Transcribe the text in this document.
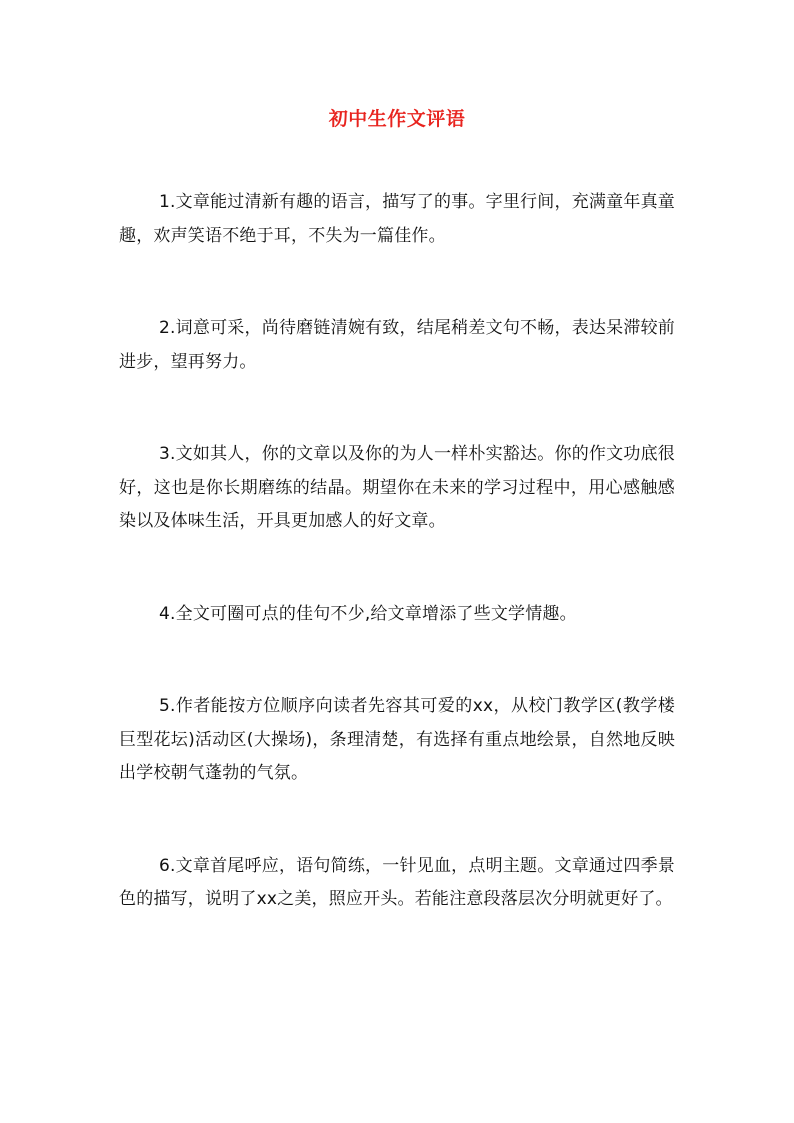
初中生作文评语

1.文章能过清新有趣的语言，描写了的事。字里行间，充满童年真童趣，欢声笑语不绝于耳，不失为一篇佳作。

2.词意可采，尚待磨链清婉有致，结尾稍差文句不畅，表达呆滞较前进步，望再努力。

3.文如其人，你的文章以及你的为人一样朴实豁达。你的作文功底很好，这也是你长期磨练的结晶。期望你在未来的学习过程中，用心感触感染以及体味生活，开具更加感人的好文章。

4.全文可圈可点的佳句不少,给文章增添了些文学情趣。

5.作者能按方位顺序向读者先容其可爱的xx，从校门教学区(教学楼巨型花坛)活动区(大操场)，条理清楚，有选择有重点地绘景，自然地反映出学校朝气蓬勃的气氛。

6.文章首尾呼应，语句简练，一针见血，点明主题。文章通过四季景色的描写，说明了xx之美，照应开头。若能注意段落层次分明就更好了。
